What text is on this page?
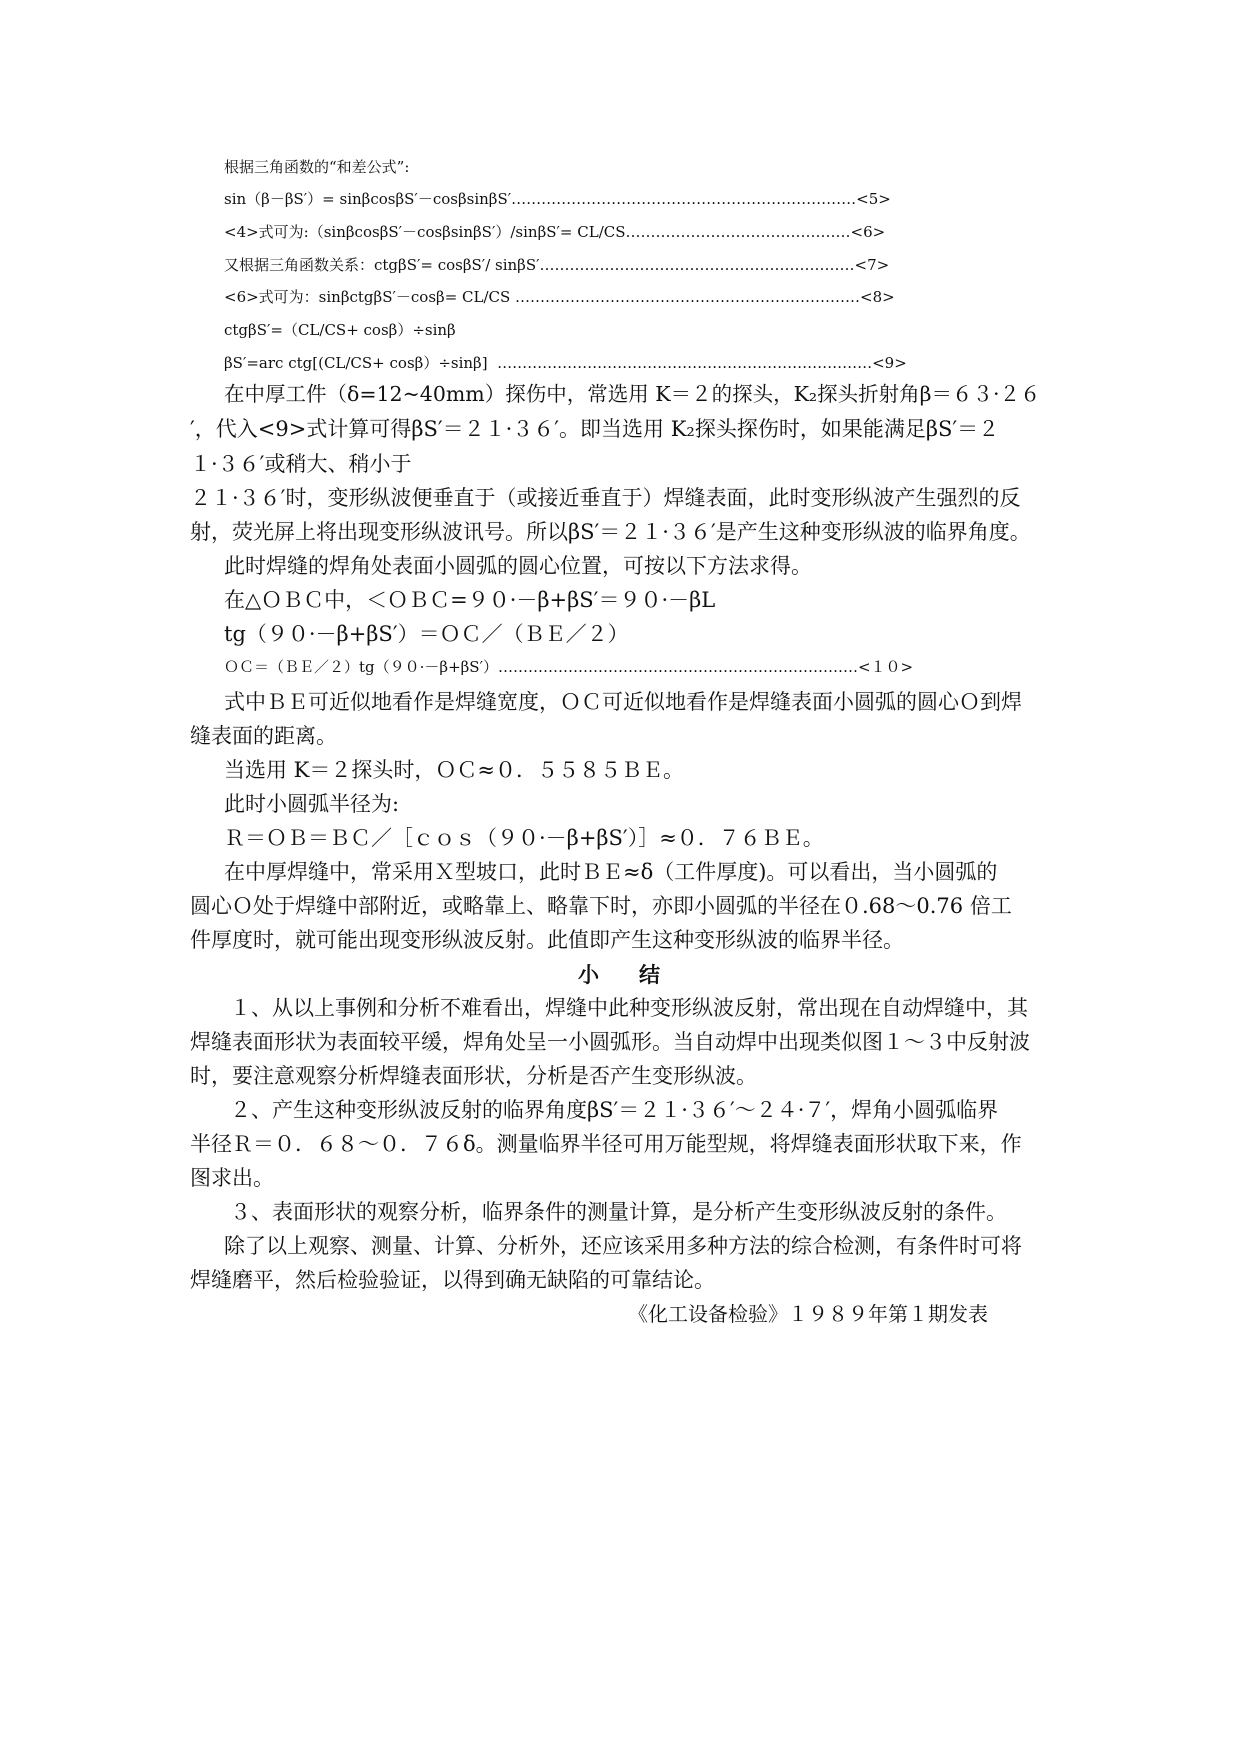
根据三角函数的“和差公式”:
sin（β－βS′）= sinβcosβS′－cosβsinβS′……………………………………………………………<5>
<4>式可为:（sinβcosβS′－cosβsinβS′）/sinβS′= CL/CS………………………………………<6>
又根据三角函数关系：ctgβS′= cosβS′/ sinβS′………………………………………………………<7>
<6>式可为：sinβctgβS′－cosβ= CL/CS ……………………………………………………………<8>
ctgβS′=（CL/CS+ cosβ）÷sinβ
βS′=arc ctg[(CL/CS+ cosβ）÷sinβ]  …………………………………………………………………<9>
在中厚工件（δ=12~40mm）探伤中，常选用 K＝２的探头，K₂探头折射角β＝６３·２６
′，代入<9>式计算可得βS′＝２１·３６′。即当选用 K₂探头探伤时，如果能满足βS′＝２
１·３６′或稍大、稍小于
２１·３６′时，变形纵波便垂直于（或接近垂直于）焊缝表面，此时变形纵波产生强烈的反
射，荧光屏上将出现变形纵波讯号。所以βS′＝２１·３６′是产生这种变形纵波的临界角度。
此时焊缝的焊角处表面小圆弧的圆心位置，可按以下方法求得。
在△ＯＢＣ中，＜ＯＢＣ=９０·－β+βS′＝９０·－βL
tg（９０·－β+βS′）＝ＯＣ／（ＢＥ／２）
ＯＣ＝（ＢＥ／２）tg（９０·－β+βS′）………………………………………………………………<１０>
式中ＢＥ可近似地看作是焊缝宽度，ＯＣ可近似地看作是焊缝表面小圆弧的圆心Ｏ到焊
缝表面的距离。
当选用 K＝２探头时，ＯＣ≈０．５５８５ＢＥ。
此时小圆弧半径为:
Ｒ＝ＯＢ＝ＢＣ／［ｃｏｓ（９０·－β+βS′）］≈０．７６ＢＥ。
在中厚焊缝中，常采用Ｘ型坡口，此时ＢＥ≈δ（工件厚度)。可以看出，当小圆弧的
圆心Ｏ处于焊缝中部附近，或略靠上、略靠下时，亦即小圆弧的半径在０.68～0.76 倍工
件厚度时，就可能出现变形纵波反射。此值即产生这种变形纵波的临界半径。
小结
１、从以上事例和分析不难看出，焊缝中此种变形纵波反射，常出现在自动焊缝中，其
焊缝表面形状为表面较平缓，焊角处呈一小圆弧形。当自动焊中出现类似图１～３中反射波
时，要注意观察分析焊缝表面形状，分析是否产生变形纵波。
２、产生这种变形纵波反射的临界角度βS′＝２１·３６′～２４·７′，焊角小圆弧临界
半径Ｒ＝０．６８～０．７６δ。测量临界半径可用万能型规，将焊缝表面形状取下来，作
图求出。
３、表面形状的观察分析，临界条件的测量计算，是分析产生变形纵波反射的条件。
除了以上观察、测量、计算、分析外，还应该采用多种方法的综合检测，有条件时可将
焊缝磨平，然后检验验证，以得到确无缺陷的可靠结论。
《化工设备检验》１９８９年第１期发表
